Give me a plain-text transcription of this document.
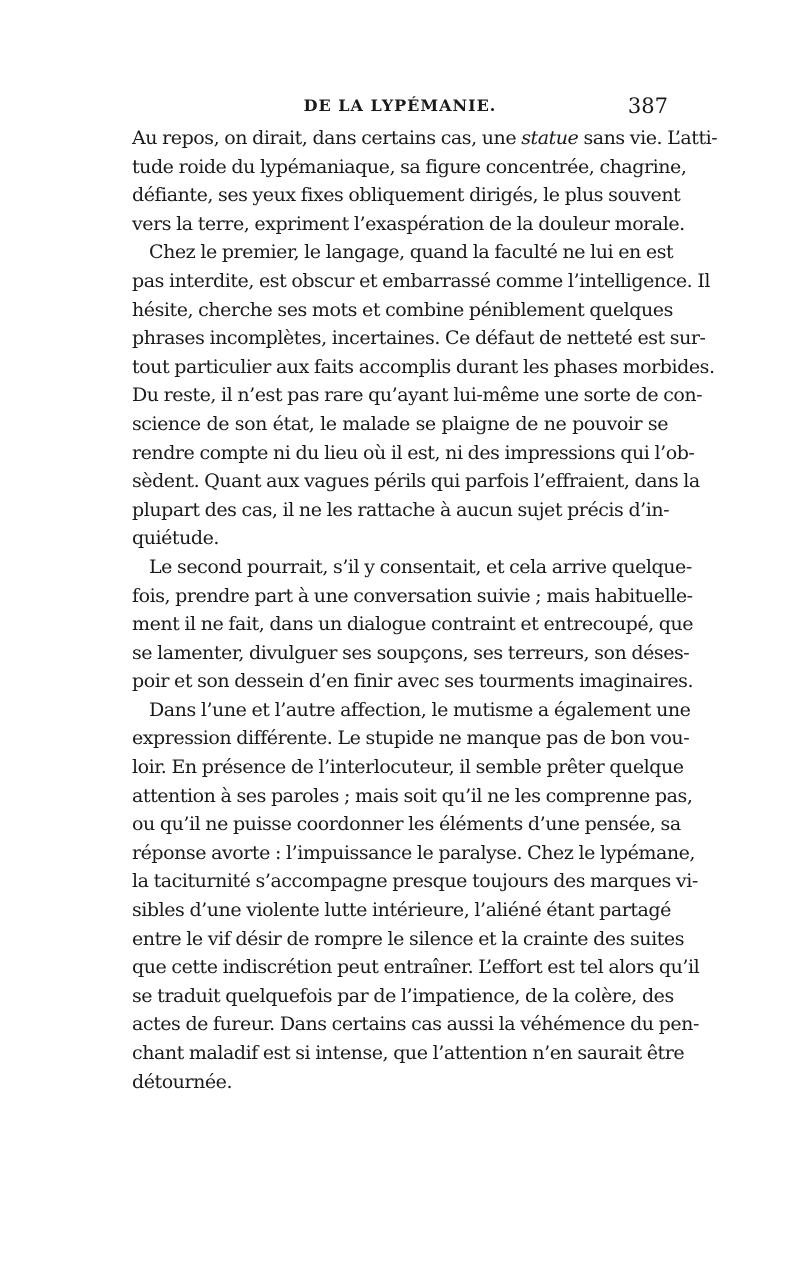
DE LA LYPÉMANIE.	387
Au repos, on dirait, dans certains cas, une statue sans vie. L’atti-
tude roide du lypémaniaque, sa figure concentrée, chagrine,
défiante, ses yeux fixes obliquement dirigés, le plus souvent
vers la terre, expriment l’exaspération de la douleur morale.
Chez le premier, le langage, quand la faculté ne lui en est
pas interdite, est obscur et embarrassé comme l’intelligence. Il
hésite, cherche ses mots et combine péniblement quelques
phrases incomplètes, incertaines. Ce défaut de netteté est sur-
tout particulier aux faits accomplis durant les phases morbides.
Du reste, il n’est pas rare qu’ayant lui-même une sorte de con-
science de son état, le malade se plaigne de ne pouvoir se
rendre compte ni du lieu où il est, ni des impressions qui l’ob-
sèdent. Quant aux vagues périls qui parfois l’effraient, dans la
plupart des cas, il ne les rattache à aucun sujet précis d’in-
quiétude.
Le second pourrait, s’il y consentait, et cela arrive quelque-
fois, prendre part à une conversation suivie ; mais habituelle-
ment il ne fait, dans un dialogue contraint et entrecoupé, que
se lamenter, divulguer ses soupçons, ses terreurs, son déses-
poir et son dessein d’en finir avec ses tourments imaginaires.
Dans l’une et l’autre affection, le mutisme a également une
expression différente. Le stupide ne manque pas de bon vou-
loir. En présence de l’interlocuteur, il semble prêter quelque
attention à ses paroles ; mais soit qu’il ne les comprenne pas,
ou qu’il ne puisse coordonner les éléments d’une pensée, sa
réponse avorte : l’impuissance le paralyse. Chez le lypémane,
la taciturnité s’accompagne presque toujours des marques vi-
sibles d’une violente lutte intérieure, l’aliéné étant partagé
entre le vif désir de rompre le silence et la crainte des suites
que cette indiscrétion peut entraîner. L’effort est tel alors qu’il
se traduit quelquefois par de l’impatience, de la colère, des
actes de fureur. Dans certains cas aussi la véhémence du pen-
chant maladif est si intense, que l’attention n’en saurait être
détournée.
